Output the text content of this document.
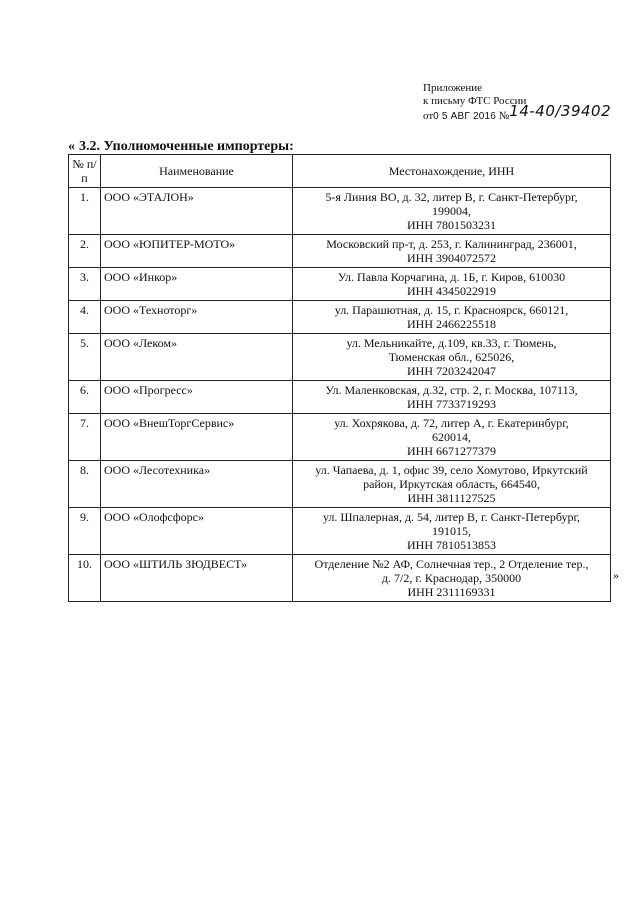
Приложение
к письму ФТС России
от0 5 АВГ 2016 №14-40/39402
« 3.2. Уполномоченные импортеры:
№ п/п	Наименование	Местонахождение, ИНН
1.	ООО «ЭТАЛОН»	5-я Линия ВО, д. 32, литер В, г. Санкт-Петербург,
199004,
ИНН 7801503231

2.	ООО «ЮПИТЕР-МОТО»	Московский пр-т, д. 253, г. Калининград, 236001,
ИНН 3904072572

3.	ООО «Инкор»	Ул. Павла Корчагина, д. 1Б, г. Киров, 610030
ИНН 4345022919

4.	ООО «Техноторг»	ул. Парашютная, д. 15, г. Красноярск, 660121,
ИНН 2466225518

5.	ООО «Леком»	ул. Мельникайте, д.109, кв.33, г. Тюмень,
Тюменская обл., 625026,
ИНН 7203242047

6.	ООО «Прогресс»	Ул. Маленковская, д.32, стр. 2, г. Москва, 107113,
ИНН 7733719293

7.	ООО «ВнешТоргСервис»	ул. Хохрякова, д. 72, литер А, г. Екатеринбург,
620014,
ИНН 6671277379

8.	ООО «Лесотехника»	ул. Чапаева, д. 1, офис 39, село Хомутово, Иркутский
район, Иркутская область, 664540,
ИНН 3811127525

9.	ООО «Олофсфорс»	ул. Шпалерная, д. 54, литер В, г. Санкт-Петербург,
191015,
ИНН 7810513853

10.	ООО «ШТИЛЬ ЗЮДВЕСТ»	Отделение №2 АФ, Солнечная тер., 2 Отделение тер.,
д. 7/2, г. Краснодар, 350000
ИНН 2311169331
»
